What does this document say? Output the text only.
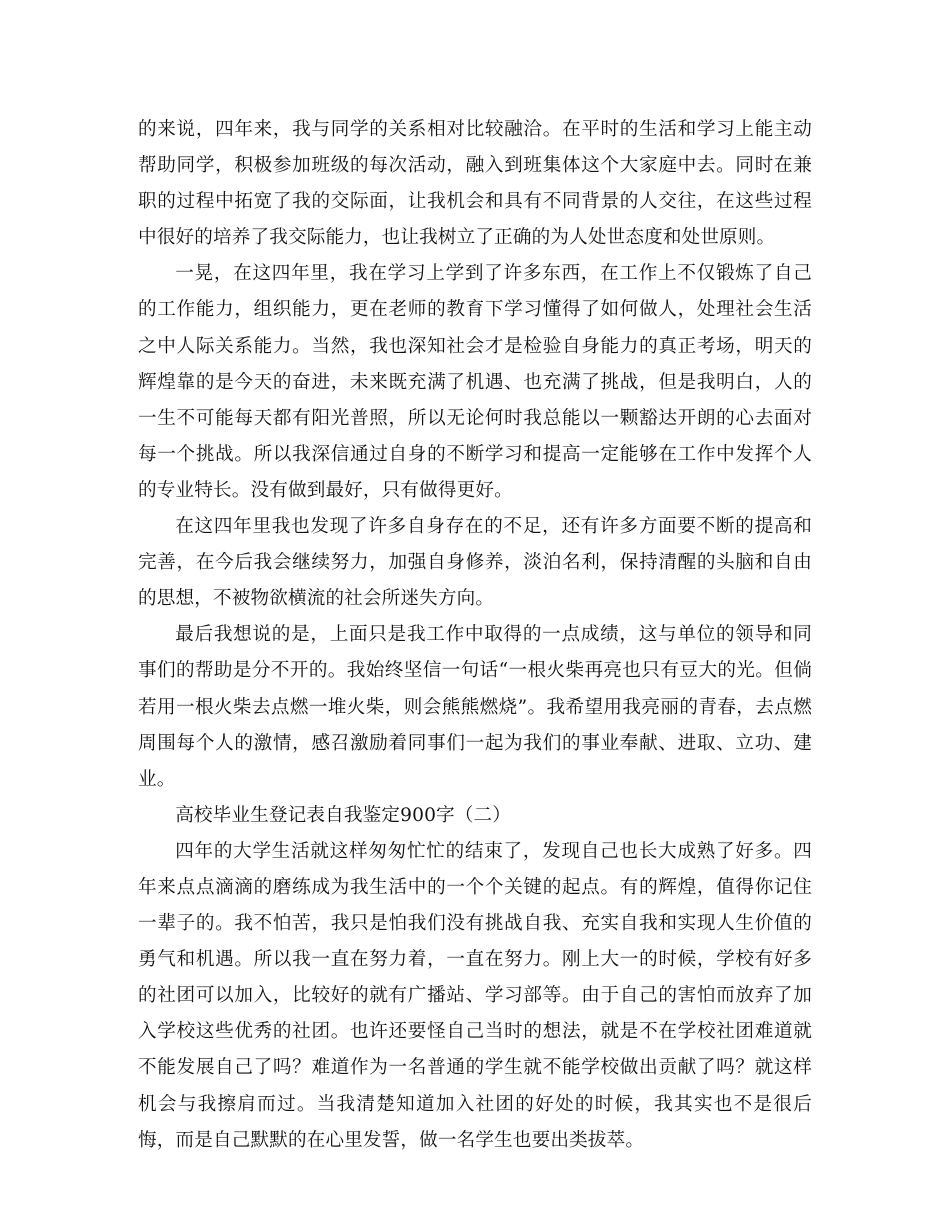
的来说，四年来，我与同学的关系相对比较融洽。在平时的生活和学习上能主动帮助同学，积极参加班级的每次活动，融入到班集体这个大家庭中去。同时在兼职的过程中拓宽了我的交际面，让我机会和具有不同背景的人交往，在这些过程中很好的培养了我交际能力，也让我树立了正确的为人处世态度和处世原则。

一晃，在这四年里，我在学习上学到了许多东西，在工作上不仅锻炼了自己的工作能力，组织能力，更在老师的教育下学习懂得了如何做人，处理社会生活之中人际关系能力。当然，我也深知社会才是检验自身能力的真正考场，明天的辉煌靠的是今天的奋进，未来既充满了机遇、也充满了挑战，但是我明白，人的一生不可能每天都有阳光普照，所以无论何时我总能以一颗豁达开朗的心去面对每一个挑战。所以我深信通过自身的不断学习和提高一定能够在工作中发挥个人的专业特长。没有做到最好，只有做得更好。

在这四年里我也发现了许多自身存在的不足，还有许多方面要不断的提高和完善，在今后我会继续努力，加强自身修养，淡泊名利，保持清醒的头脑和自由的思想，不被物欲横流的社会所迷失方向。

最后我想说的是，上面只是我工作中取得的一点成绩，这与单位的领导和同事们的帮助是分不开的。我始终坚信一句话“一根火柴再亮也只有豆大的光。但倘若用一根火柴去点燃一堆火柴，则会熊熊燃烧”。我希望用我亮丽的青春，去点燃周围每个人的激情，感召激励着同事们一起为我们的事业奉献、进取、立功、建业。

高校毕业生登记表自我鉴定900字（二）

四年的大学生活就这样匆匆忙忙的结束了，发现自己也长大成熟了好多。四年来点点滴滴的磨练成为我生活中的一个个关键的起点。有的辉煌，值得你记住一辈子的。我不怕苦，我只是怕我们没有挑战自我、充实自我和实现人生价值的勇气和机遇。所以我一直在努力着，一直在努力。刚上大一的时候，学校有好多的社团可以加入，比较好的就有广播站、学习部等。由于自己的害怕而放弃了加入学校这些优秀的社团。也许还要怪自己当时的想法，就是不在学校社团难道就不能发展自己了吗？难道作为一名普通的学生就不能学校做出贡献了吗？就这样机会与我擦肩而过。当我清楚知道加入社团的好处的时候，我其实也不是很后悔，而是自己默默的在心里发誓，做一名学生也要出类拔萃。
